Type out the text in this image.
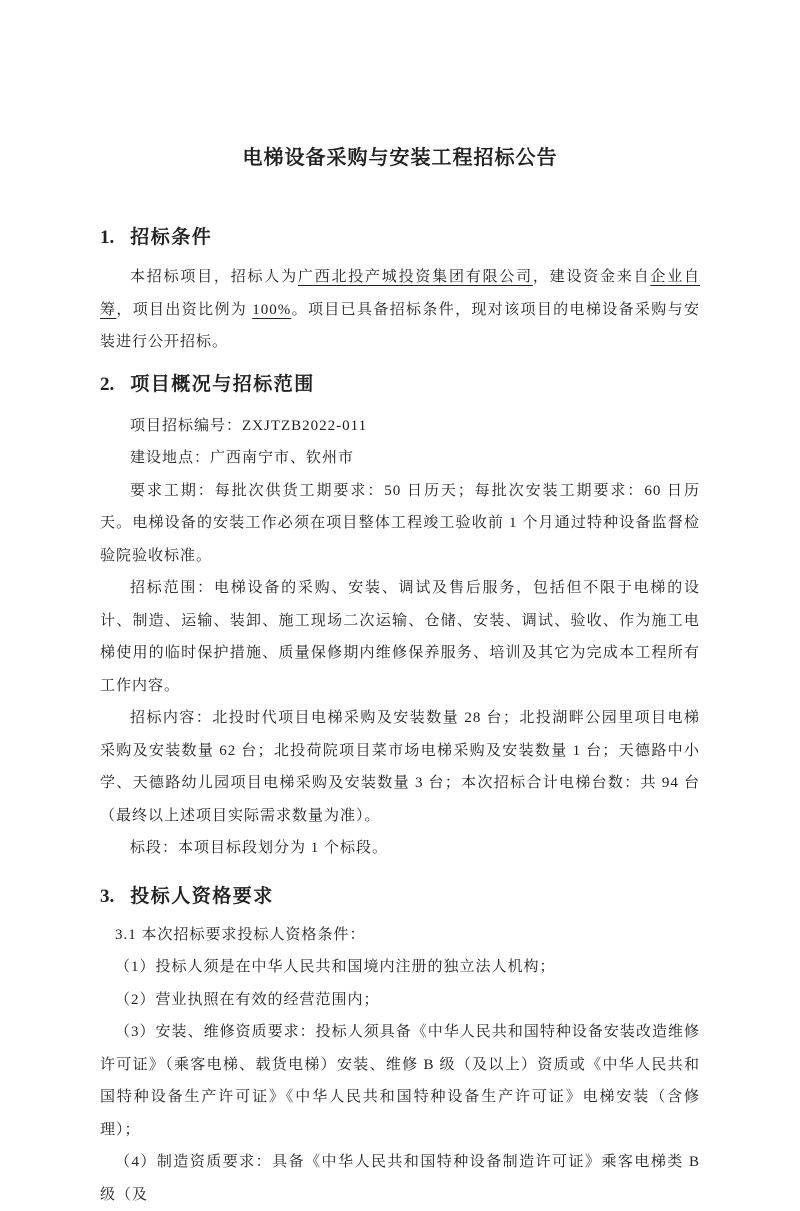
电梯设备采购与安装工程招标公告
1. 招标条件

本招标项目，招标人为广西北投产城投资集团有限公司，建设资金来自企业自筹，项目出资比例为 100%。项目已具备招标条件，现对该项目的电梯设备采购与安装进行公开招标。

2. 项目概况与招标范围

项目招标编号：ZXJTZB2022-011

建设地点：广西南宁市、钦州市

要求工期：每批次供货工期要求：50 日历天；每批次安装工期要求：60 日历天。电梯设备的安装工作必须在项目整体工程竣工验收前 1 个月通过特种设备监督检验院验收标准。

招标范围：电梯设备的采购、安装、调试及售后服务，包括但不限于电梯的设计、制造、运输、装卸、施工现场二次运输、仓储、安装、调试、验收、作为施工电梯使用的临时保护措施、质量保修期内维修保养服务、培训及其它为完成本工程所有工作内容。

招标内容：北投时代项目电梯采购及安装数量 28 台；北投湖畔公园里项目电梯采购及安装数量 62 台；北投荷院项目菜市场电梯采购及安装数量 1 台；天德路中小学、天德路幼儿园项目电梯采购及安装数量 3 台；本次招标合计电梯台数：共 94 台（最终以上述项目实际需求数量为准）。

标段：本项目标段划分为 1 个标段。

3. 投标人资格要求

3.1 本次招标要求投标人资格条件：

（1）投标人须是在中华人民共和国境内注册的独立法人机构；

（2）营业执照在有效的经营范围内；

（3）安装、维修资质要求：投标人须具备《中华人民共和国特种设备安装改造维修许可证》（乘客电梯、载货电梯）安装、维修 B 级（及以上）资质或《中华人民共和国特种设备生产许可证》《中华人民共和国特种设备生产许可证》电梯安装（含修理）；

（4）制造资质要求：具备《中华人民共和国特种设备制造许可证》乘客电梯类 B 级（及
